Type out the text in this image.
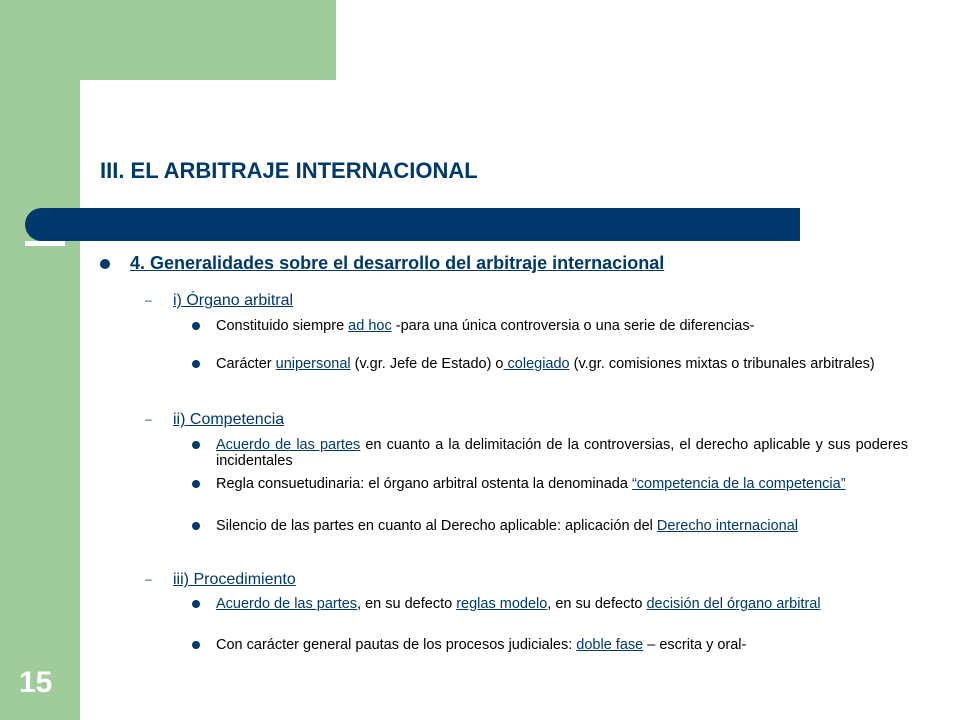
III. EL ARBITRAJE INTERNACIONAL
15
4. Generalidades sobre el desarrollo del arbitraje internacional
– i) Órgano arbitral
Constituido siempre ad hoc -para una única controversia o una serie de diferencias-
Carácter unipersonal (v.gr. Jefe de Estado) o colegiado (v.gr. comisiones mixtas o tribunales arbitrales)
– ii) Competencia
Acuerdo de las partes en cuanto a la delimitación de la controversias, el derecho aplicable y sus poderes incidentales
Regla consuetudinaria: el órgano arbitral ostenta la denominada “competencia de la competencia”
Silencio de las partes en cuanto al Derecho aplicable: aplicación del Derecho internacional
– iii) Procedimiento
Acuerdo de las partes, en su defecto reglas modelo, en su defecto decisión del órgano arbitral
Con carácter general pautas de los procesos judiciales: doble fase – escrita y oral-
